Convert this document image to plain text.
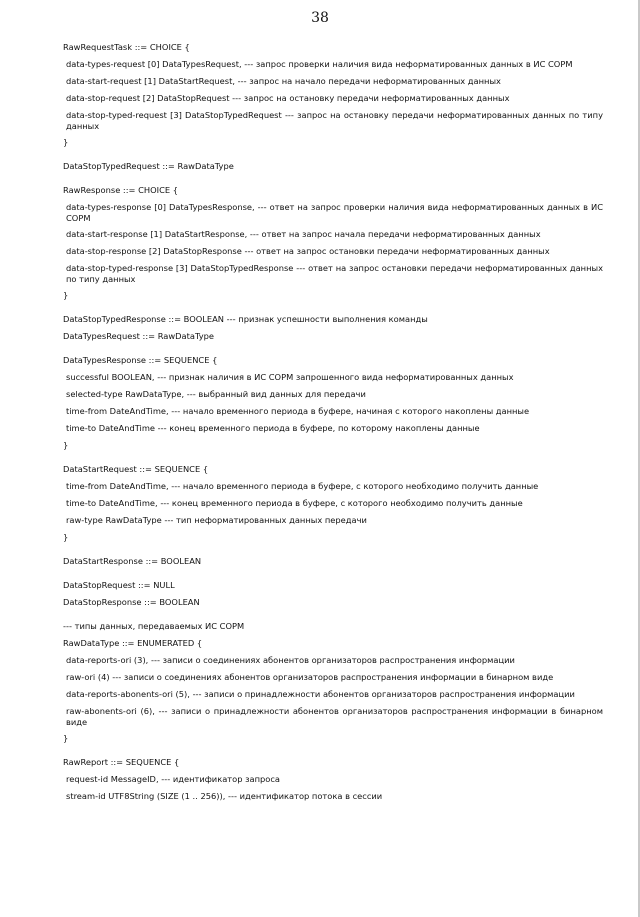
38
RawRequestTask ::= CHOICE {
data-types-request [0] DataTypesRequest, --- запрос проверки наличия вида неформатированных данных в ИС СОРМ
data-start-request [1] DataStartRequest, --- запрос на начало передачи неформатированных данных
data-stop-request [2] DataStopRequest --- запрос на остановку передачи неформатированных данных
data-stop-typed-request [3] DataStopTypedRequest --- запрос на остановку передачи неформатированных данных по типу данных
}
DataStopTypedRequest ::= RawDataType
RawResponse ::= CHOICE {
data-types-response [0] DataTypesResponse, --- ответ на запрос проверки наличия вида неформатированных данных в ИС СОРМ
data-start-response [1] DataStartResponse, --- ответ на запрос начала передачи неформатированных данных
data-stop-response [2] DataStopResponse --- ответ на запрос остановки передачи неформатированных данных
data-stop-typed-response [3] DataStopTypedResponse --- ответ на запрос остановки передачи неформатированных данных по типу данных
}
DataStopTypedResponse ::= BOOLEAN --- признак успешности выполнения команды
DataTypesRequest ::= RawDataType
DataTypesResponse ::= SEQUENCE {
successful BOOLEAN, --- признак наличия в ИС СОРМ запрошенного вида неформатированных данных
selected-type RawDataType, --- выбранный вид данных для передачи
time-from DateAndTime, --- начало временного периода в буфере, начиная с которого накоплены данные
time-to DateAndTime --- конец временного периода в буфере, по которому накоплены данные
}
DataStartRequest ::= SEQUENCE {
time-from DateAndTime, --- начало временного периода в буфере, с которого необходимо получить данные
time-to DateAndTime, --- конец временного периода в буфере, с которого необходимо получить данные
raw-type RawDataType --- тип неформатированных данных передачи
}
DataStartResponse ::= BOOLEAN
DataStopRequest ::= NULL
DataStopResponse ::= BOOLEAN
--- типы данных, передаваемых ИС СОРМ
RawDataType ::= ENUMERATED {
data-reports-ori (3), --- записи о соединениях абонентов организаторов распространения информации
raw-ori (4) --- записи о соединениях абонентов организаторов распространения информации в бинарном виде
data-reports-abonents-ori (5), --- записи о принадлежности абонентов организаторов распространения информации
raw-abonents-ori (6), --- записи о принадлежности абонентов организаторов распространения информации в бинарном виде
}
RawReport ::= SEQUENCE {
request-id MessageID, --- идентификатор запроса
stream-id UTF8String (SIZE (1 .. 256)), --- идентификатор потока в сессии
